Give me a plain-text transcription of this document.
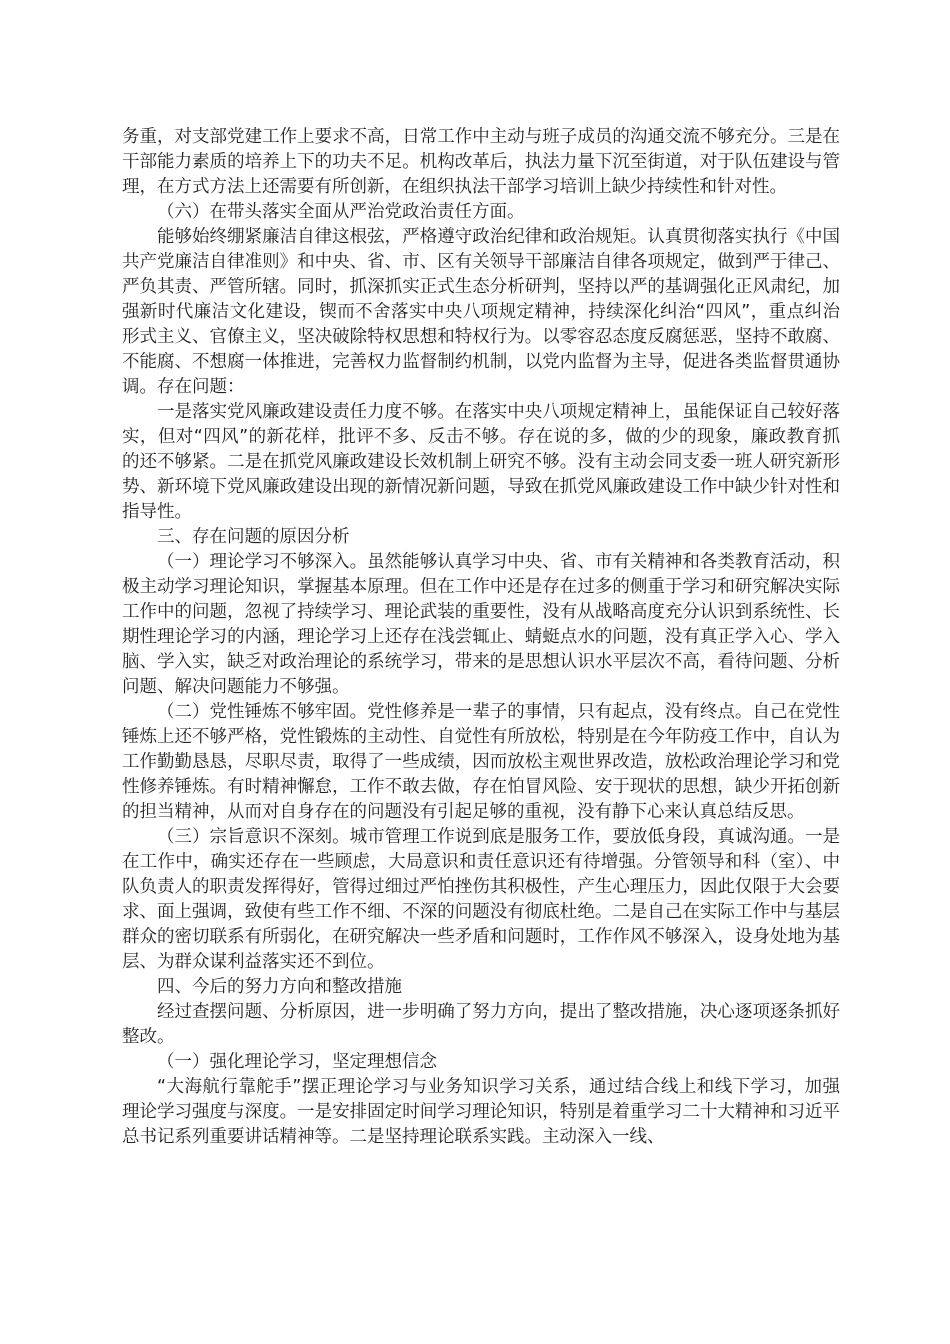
务重，对支部党建工作上要求不高，日常工作中主动与班子成员的沟通交流不够充分。三是在干部能力素质的培养上下的功夫不足。机构改革后，执法力量下沉至街道，对于队伍建设与管理，在方式方法上还需要有所创新，在组织执法干部学习培训上缺少持续性和针对性。

（六）在带头落实全面从严治党政治责任方面。

能够始终绷紧廉洁自律这根弦，严格遵守政治纪律和政治规矩。认真贯彻落实执行《中国共产党廉洁自律准则》和中央、省、市、区有关领导干部廉洁自律各项规定，做到严于律己、严负其责、严管所辖。同时，抓深抓实正式生态分析研判，坚持以严的基调强化正风肃纪，加强新时代廉洁文化建设，锲而不舍落实中央八项规定精神，持续深化纠治“四风”，重点纠治形式主义、官僚主义，坚决破除特权思想和特权行为。以零容忍态度反腐惩恶，坚持不敢腐、不能腐、不想腐一体推进，完善权力监督制约机制，以党内监督为主导，促进各类监督贯通协调。存在问题：

一是落实党风廉政建设责任力度不够。在落实中央八项规定精神上，虽能保证自己较好落实，但对“四风”的新花样，批评不多、反击不够。存在说的多，做的少的现象，廉政教育抓的还不够紧。二是在抓党风廉政建设长效机制上研究不够。没有主动会同支委一班人研究新形势、新环境下党风廉政建设出现的新情况新问题，导致在抓党风廉政建设工作中缺少针对性和指导性。

三、存在问题的原因分析

（一）理论学习不够深入。虽然能够认真学习中央、省、市有关精神和各类教育活动，积极主动学习理论知识，掌握基本原理。但在工作中还是存在过多的侧重于学习和研究解决实际工作中的问题，忽视了持续学习、理论武装的重要性，没有从战略高度充分认识到系统性、长期性理论学习的内涵，理论学习上还存在浅尝辄止、蜻蜓点水的问题，没有真正学入心、学入脑、学入实，缺乏对政治理论的系统学习，带来的是思想认识水平层次不高，看待问题、分析问题、解决问题能力不够强。

（二）党性锤炼不够牢固。党性修养是一辈子的事情，只有起点，没有终点。自己在党性锤炼上还不够严格，党性锻炼的主动性、自觉性有所放松，特别是在今年防疫工作中，自认为工作勤勤恳恳，尽职尽责，取得了一些成绩，因而放松主观世界改造，放松政治理论学习和党性修养锤炼。有时精神懈怠，工作不敢去做，存在怕冒风险、安于现状的思想，缺少开拓创新的担当精神，从而对自身存在的问题没有引起足够的重视，没有静下心来认真总结反思。

（三）宗旨意识不深刻。城市管理工作说到底是服务工作，要放低身段，真诚沟通。一是在工作中，确实还存在一些顾虑，大局意识和责任意识还有待增强。分管领导和科（室）、中队负责人的职责发挥得好，管得过细过严怕挫伤其积极性，产生心理压力，因此仅限于大会要求、面上强调，致使有些工作不细、不深的问题没有彻底杜绝。二是自己在实际工作中与基层群众的密切联系有所弱化，在研究解决一些矛盾和问题时，工作作风不够深入，设身处地为基层、为群众谋利益落实还不到位。

四、今后的努力方向和整改措施

经过查摆问题、分析原因，进一步明确了努力方向，提出了整改措施，决心逐项逐条抓好整改。

（一）强化理论学习，坚定理想信念

“大海航行靠舵手”摆正理论学习与业务知识学习关系，通过结合线上和线下学习，加强理论学习强度与深度。一是安排固定时间学习理论知识，特别是着重学习二十大精神和习近平总书记系列重要讲话精神等。二是坚持理论联系实践。主动深入一线、
